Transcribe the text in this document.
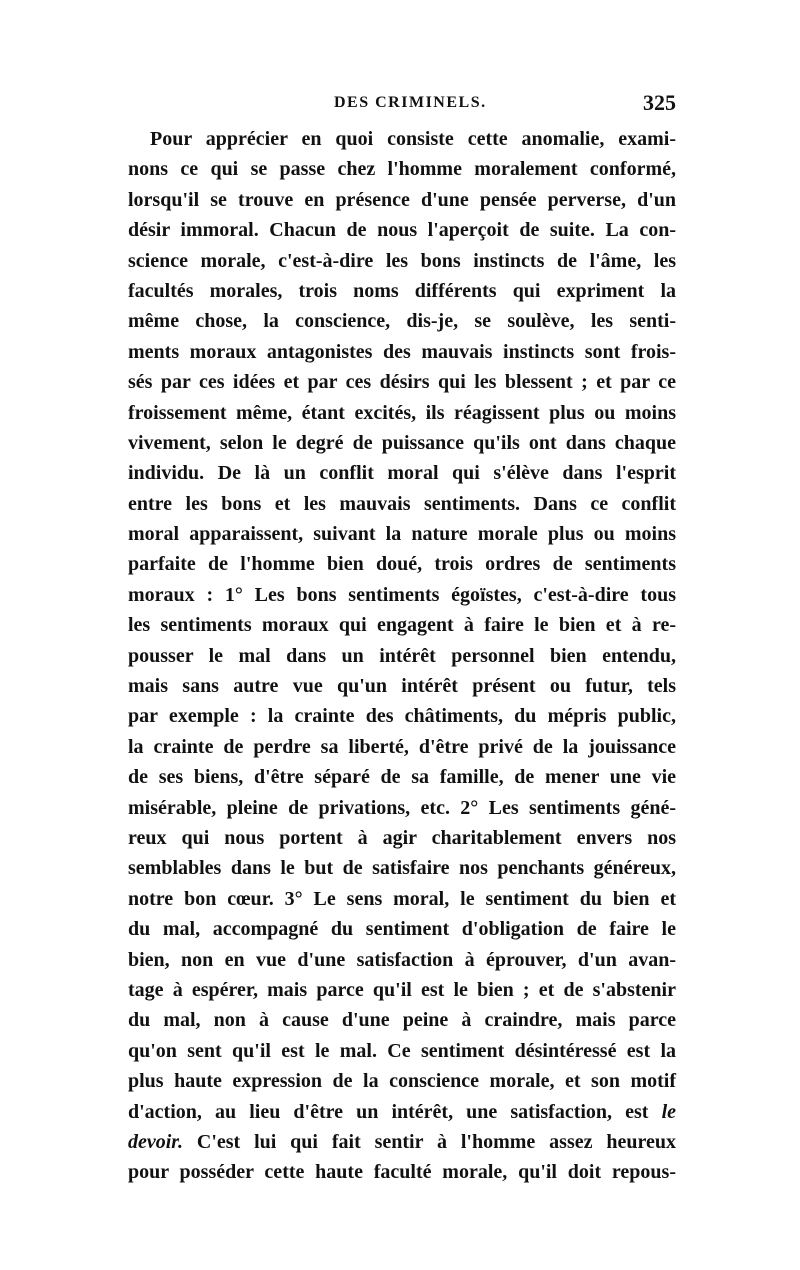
DES CRIMINELS.	325
Pour apprécier en quoi consiste cette anomalie, exami-
nons ce qui se passe chez l'homme moralement conformé,
lorsqu'il se trouve en présence d'une pensée perverse, d'un
désir immoral. Chacun de nous l'aperçoit de suite. La con-
science morale, c'est-à-dire les bons instincts de l'âme, les
facultés morales, trois noms différents qui expriment la
même chose, la conscience, dis-je, se soulève, les senti-
ments moraux antagonistes des mauvais instincts sont frois-
sés par ces idées et par ces désirs qui les blessent ; et par ce
froissement même, étant excités, ils réagissent plus ou moins
vivement, selon le degré de puissance qu'ils ont dans chaque
individu. De là un conflit moral qui s'élève dans l'esprit
entre les bons et les mauvais sentiments. Dans ce conflit
moral apparaissent, suivant la nature morale plus ou moins
parfaite de l'homme bien doué, trois ordres de sentiments
moraux : 1° Les bons sentiments égoïstes, c'est-à-dire tous
les sentiments moraux qui engagent à faire le bien et à re-
pousser le mal dans un intérêt personnel bien entendu,
mais sans autre vue qu'un intérêt présent ou futur, tels
par exemple : la crainte des châtiments, du mépris public,
la crainte de perdre sa liberté, d'être privé de la jouissance
de ses biens, d'être séparé de sa famille, de mener une vie
misérable, pleine de privations, etc. 2° Les sentiments géné-
reux qui nous portent à agir charitablement envers nos
semblables dans le but de satisfaire nos penchants généreux,
notre bon cœur. 3° Le sens moral, le sentiment du bien et
du mal, accompagné du sentiment d'obligation de faire le
bien, non en vue d'une satisfaction à éprouver, d'un avan-
tage à espérer, mais parce qu'il est le bien ; et de s'abstenir
du mal, non à cause d'une peine à craindre, mais parce
qu'on sent qu'il est le mal. Ce sentiment désintéressé est la
plus haute expression de la conscience morale, et son motif
d'action, au lieu d'être un intérêt, une satisfaction, est le
devoir. C'est lui qui fait sentir à l'homme assez heureux
pour posséder cette haute faculté morale, qu'il doit repous-
